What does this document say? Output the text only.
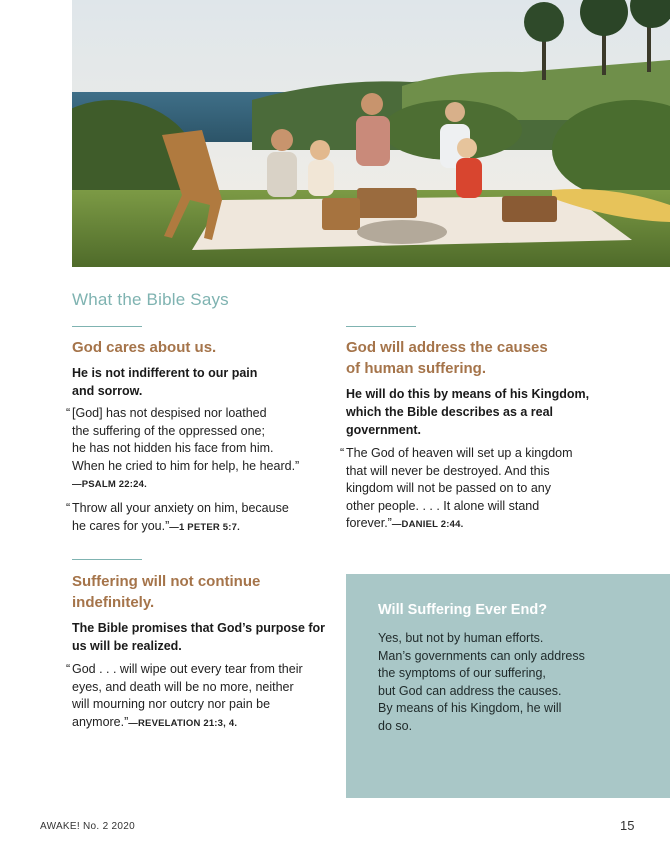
What the Bible Says
God cares about us.

He is not indifferent to our pain
and sorrow.

“ [God] has not despised nor loathed
the suffering of the oppressed one;
he has not hidden his face from him.
When he cried to him for help, he heard.”
—PSALM 22:24.

“ Throw all your anxiety on him, because
he cares for you.”—1 PETER 5:7.

God will address the causes
of human suffering.

He will do this by means of his Kingdom,
which the Bible describes as a real
government.

“ The God of heaven will set up a kingdom
that will never be destroyed. And this
kingdom will not be passed on to any
other people. . . . It alone will stand
forever.”—DANIEL 2:44.

Suffering will not continue
indefinitely.

The Bible promises that God’s purpose for
us will be realized.

“ God . . . will wipe out every tear from their
eyes, and death will be no more, neither
will mourning nor outcry nor pain be
anymore.”—REVELATION 21:3, 4.

Will Suffering Ever End?

Yes, but not by human efforts.
Man’s governments can only address
the symptoms of our suffering,
but God can address the causes.
By means of his Kingdom, he will
do so.

AWAKE! No. 2 2020	15
